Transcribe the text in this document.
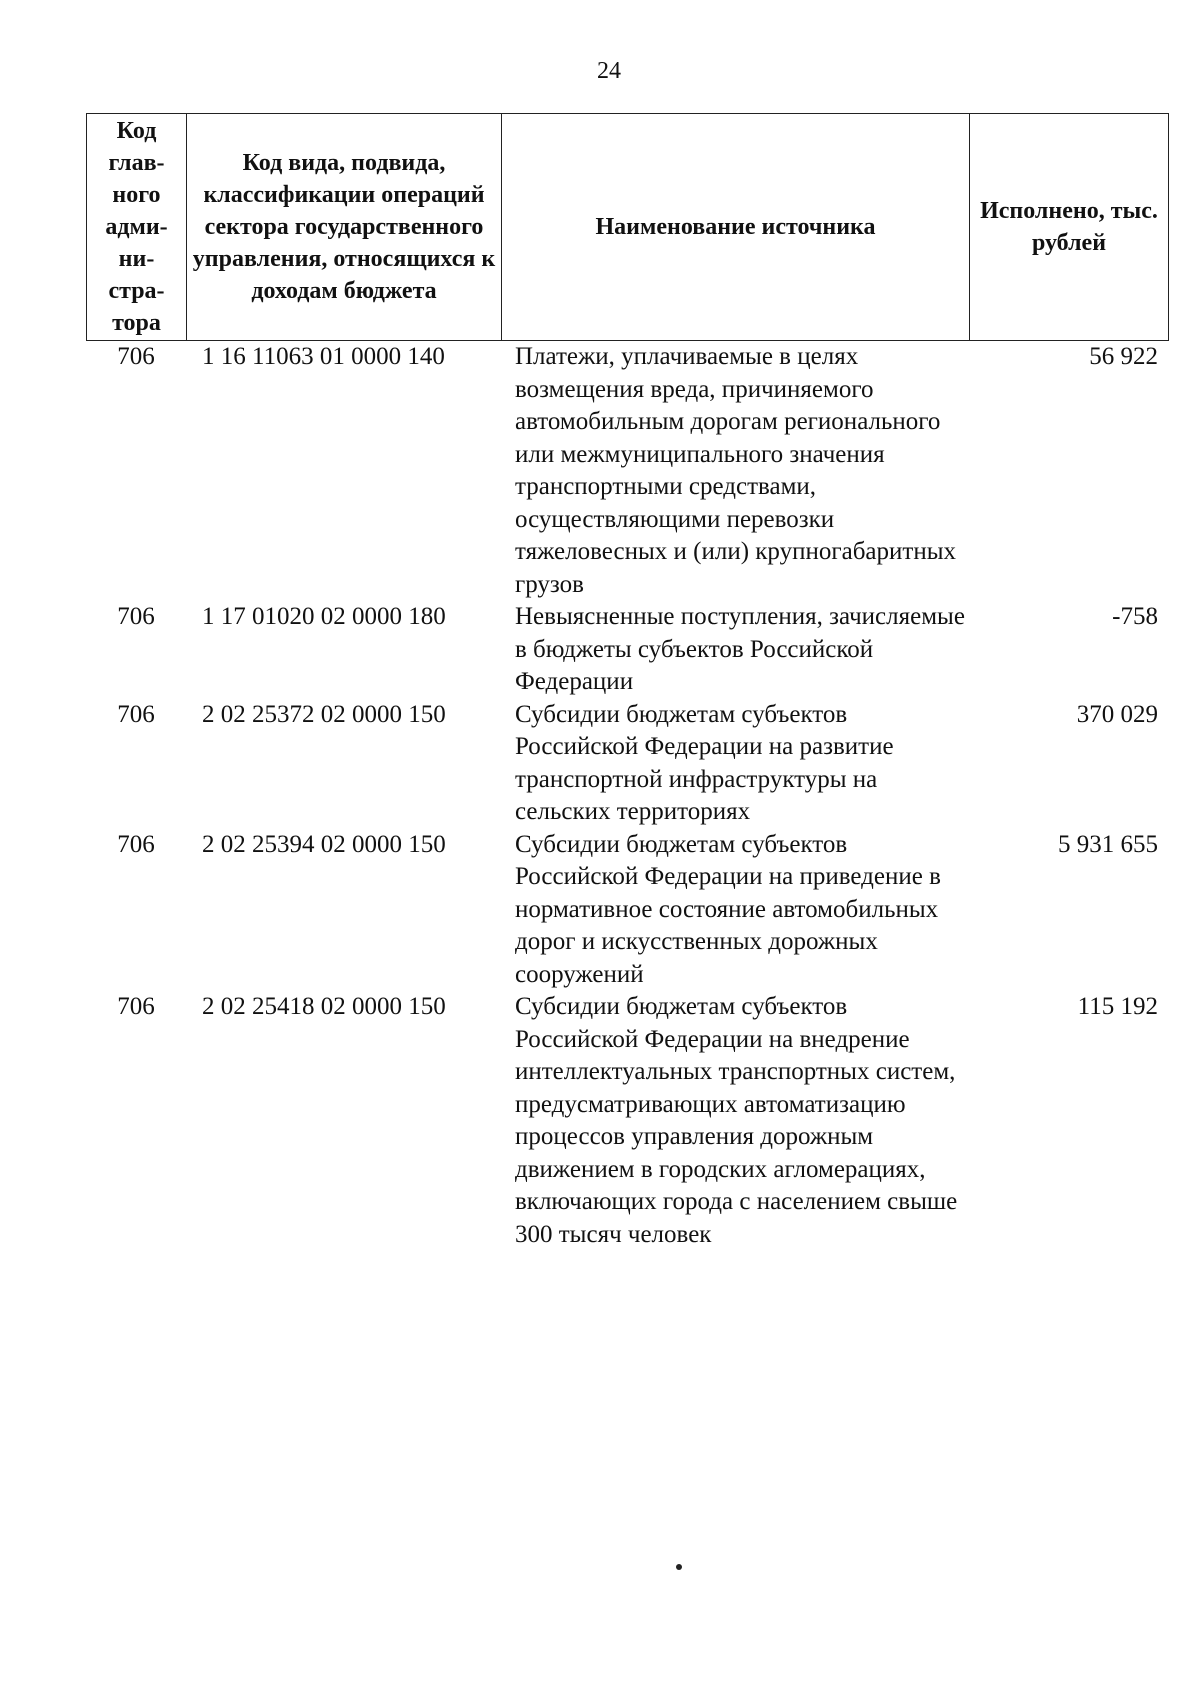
24
Код глав-ного адми-ни-стра-тора	Код вида, подвида, классификации операций сектора государственного управления, относящихся к доходам бюджета	Наименование источника	Исполнено, тыс. рублей
706	1 16 11063 01 0000 140	Платежи, уплачиваемые в целях возмещения вреда, причиняемого автомобильным дорогам регионального или межмуниципального значения транспортными средствами, осуществляющими перевозки тяжеловесных и (или) крупногабаритных грузов	56 922
706	1 17 01020 02 0000 180	Невыясненные поступления, зачисляемые в бюджеты субъектов Российской Федерации	-758
706	2 02 25372 02 0000 150	Субсидии бюджетам субъектов Российской Федерации на развитие транспортной инфраструктуры на сельских территориях	370 029
706	2 02 25394 02 0000 150	Субсидии бюджетам субъектов Российской Федерации на приведение в нормативное состояние автомобильных дорог и искусственных дорожных сооружений	5 931 655
706	2 02 25418 02 0000 150	Субсидии бюджетам субъектов Российской Федерации на внедрение интеллектуальных транспортных систем, предусматривающих автоматизацию процессов управления дорожным движением в городских агломерациях, включающих города с населением свыше 300 тысяч человек	115 192
